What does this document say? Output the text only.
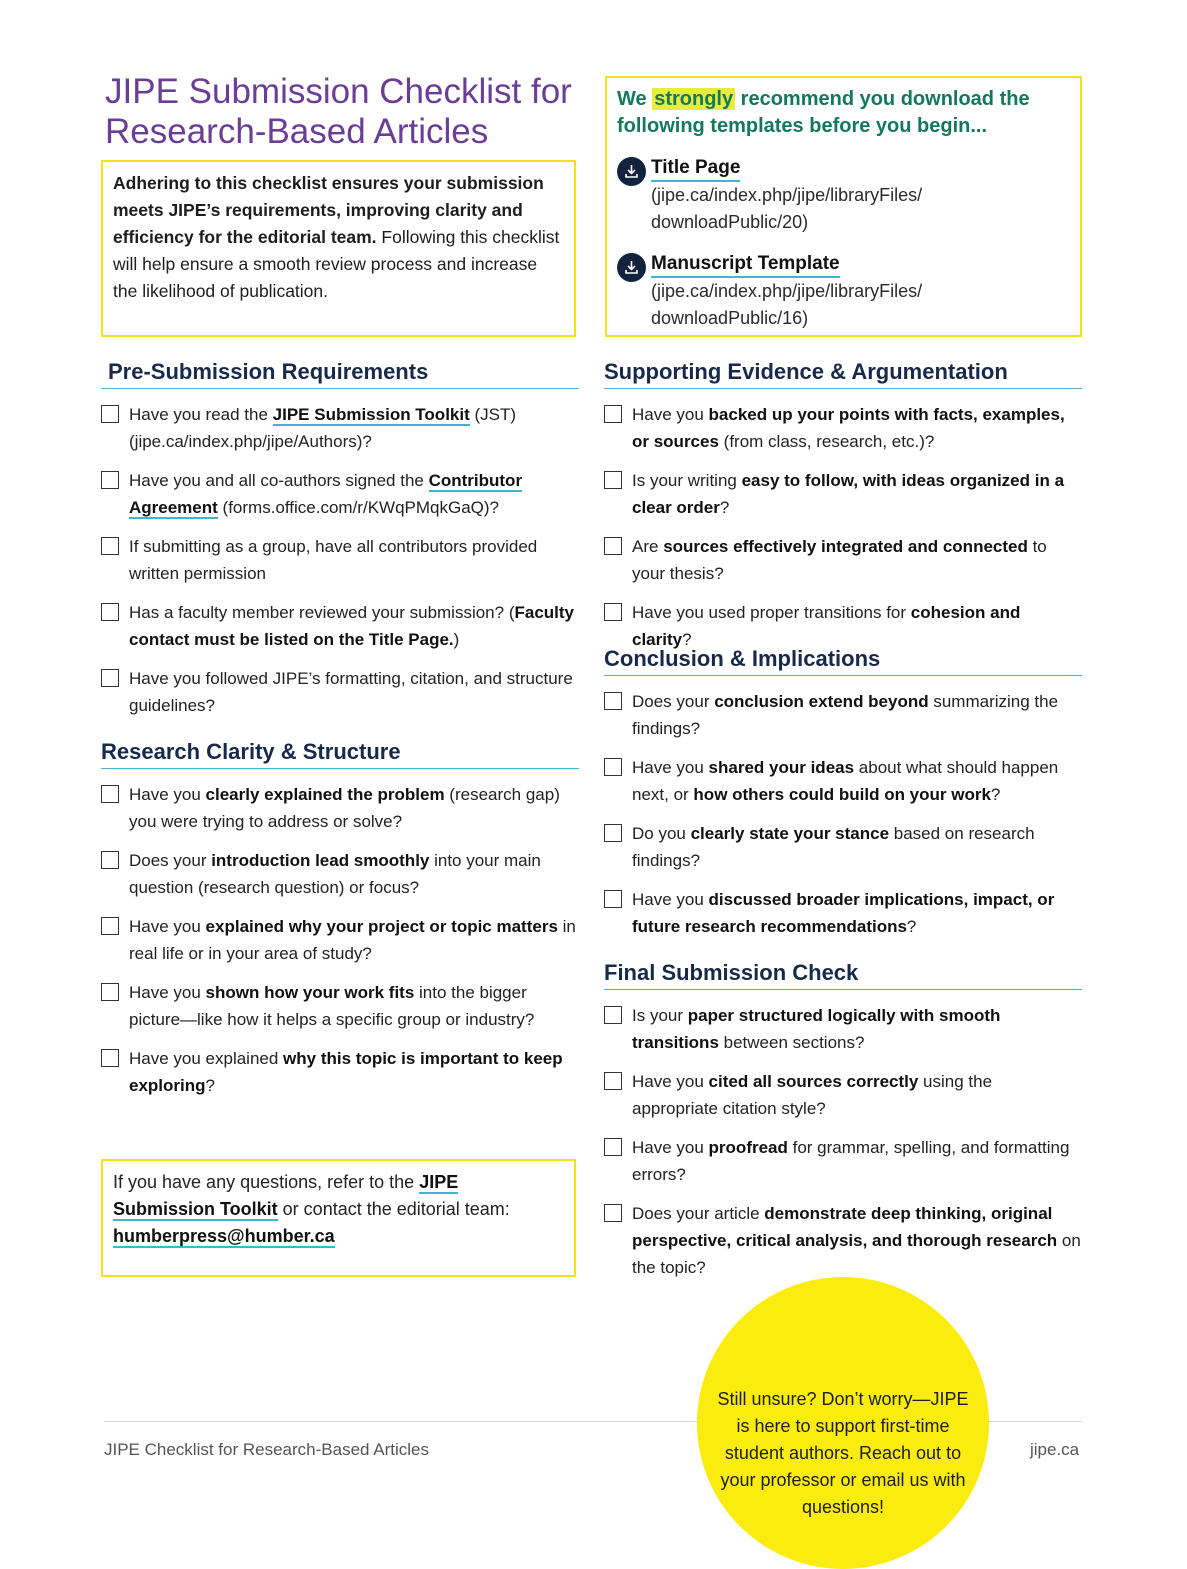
JIPE Submission Checklist for
Research-Based Articles

Adhering to this checklist ensures your submission meets JIPE’s requirements, improving clarity and efficiency for the editorial team. Following this checklist will help ensure a smooth review process and increase the likelihood of publication.

We strongly recommend you download the following templates before you begin...

Title Page
(jipe.ca/index.php/jipe/libraryFiles/
downloadPublic/20)
Manuscript Template
(jipe.ca/index.php/jipe/libraryFiles/
downloadPublic/16)
Pre-Submission Requirements
Have you read the JIPE Submission Toolkit (JST) (jipe.ca/index.php/jipe/Authors)?
Have you and all co-authors signed the Contributor Agreement (forms.office.com/r/KWqPMqkGaQ)?
If submitting as a group, have all contributors provided written permission
Has a faculty member reviewed your submission? (Faculty contact must be listed on the Title Page.)
Have you followed JIPE’s formatting, citation, and structure guidelines?
Research Clarity & Structure
Have you clearly explained the problem (research gap) you were trying to address or solve?
Does your introduction lead smoothly into your main question (research question) or focus?
Have you explained why your project or topic matters in real life or in your area of study?
Have you shown how your work fits into the bigger picture—like how it helps a specific group or industry?
Have you explained why this topic is important to keep exploring?
Supporting Evidence & Argumentation
Have you backed up your points with facts, examples, or sources (from class, research, etc.)?
Is your writing easy to follow, with ideas organized in a clear order?
Are sources effectively integrated and connected to your thesis?
Have you used proper transitions for cohesion and clarity?
Conclusion & Implications
Does your conclusion extend beyond summarizing the findings?
Have you shared your ideas about what should happen next, or how others could build on your work?
Do you clearly state your stance based on research findings?
Have you discussed broader implications, impact, or future research recommendations?
Final Submission Check
Is your paper structured logically with smooth transitions between sections?
Have you cited all sources correctly using the appropriate citation style?
Have you proofread for grammar, spelling, and formatting errors?
Does your article demonstrate deep thinking, original perspective, critical analysis, and thorough research on the topic?

If you have any questions, refer to the JIPE Submission Toolkit or contact the editorial team: humberpress@humber.ca

JIPE Checklist for Research-Based Articles	jipe.ca

Still unsure? Don’t worry—JIPE is here to support first-time student authors. Reach out to your professor or email us with questions!
